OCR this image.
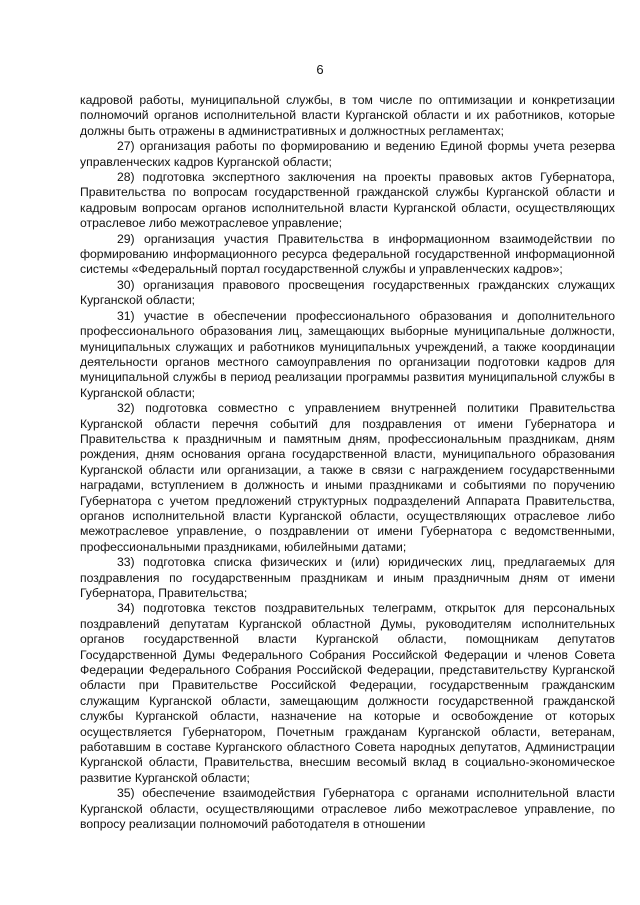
6

кадровой работы, муниципальной службы, в том числе по оптимизации и конкретизации полномочий органов исполнительной власти Курганской области и их работников, которые должны быть отражены в административных и должностных регламентах;

27) организация работы по формированию и ведению Единой формы учета резерва управленческих кадров Курганской области;

28) подготовка экспертного заключения на проекты правовых актов Губернатора, Правительства по вопросам государственной гражданской службы Курганской области и кадровым вопросам органов исполнительной власти Курганской области, осуществляющих отраслевое либо межотраслевое управление;

29) организация участия Правительства в информационном взаимодействии по формированию информационного ресурса федеральной государственной информационной системы «Федеральный портал государственной службы и управленческих кадров»;

30) организация правового просвещения государственных гражданских служащих Курганской области;

31) участие в обеспечении профессионального образования и дополнительного профессионального образования лиц, замещающих выборные муниципальные должности, муниципальных служащих и работников муниципальных учреждений, а также координации деятельности органов местного самоуправления по организации подготовки кадров для муниципальной службы в период реализации программы развития муниципальной службы в Курганской области;

32) подготовка совместно с управлением внутренней политики Правительства Курганской области перечня событий для поздравления от имени Губернатора и Правительства к праздничным и памятным дням, профессиональным праздникам, дням рождения, дням основания органа государственной власти, муниципального образования Курганской области или организации, а также в связи с награждением государственными наградами, вступлением в должность и иными праздниками и событиями по поручению Губернатора с учетом предложений структурных подразделений Аппарата Правительства, органов исполнительной власти Курганской области, осуществляющих отраслевое либо межотраслевое управление, о поздравлении от имени Губернатора с ведомственными, профессиональными праздниками, юбилейными датами;

33) подготовка списка физических и (или) юридических лиц, предлагаемых для поздравления по государственным праздникам и иным праздничным дням от имени Губернатора, Правительства;

34) подготовка текстов поздравительных телеграмм, открыток для персональных поздравлений депутатам Курганской областной Думы, руководителям исполнительных органов государственной власти Курганской области, помощникам депутатов Государственной Думы Федерального Собрания Российской Федерации и членов Совета Федерации Федерального Собрания Российской Федерации, представительству Курганской области при Правительстве Российской Федерации, государственным гражданским служащим Курганской области, замещающим должности государственной гражданской службы Курганской области, назначение на которые и освобождение от которых осуществляется Губернатором, Почетным гражданам Курганской области, ветеранам, работавшим в составе Курганского областного Совета народных депутатов, Администрации Курганской области, Правительства, внесшим весомый вклад в социально-экономическое развитие Курганской области;

35) обеспечение взаимодействия Губернатора с органами исполнительной власти Курганской области, осуществляющими отраслевое либо межотраслевое управление, по вопросу реализации полномочий работодателя в отношении
